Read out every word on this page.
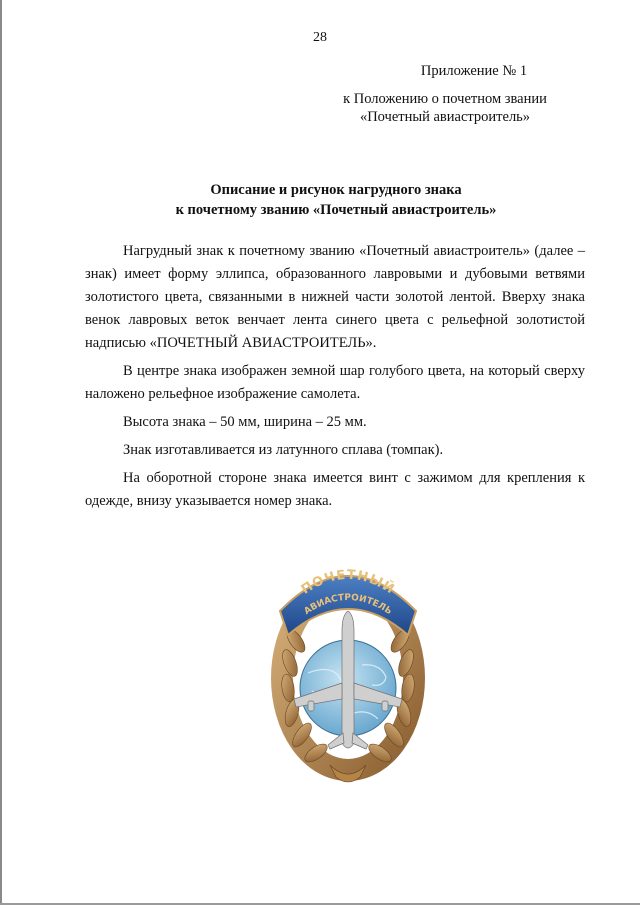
28
Приложение № 1
к Положению о почетном звании
«Почетный авиастроитель»
Описание и рисунок нагрудного знака
к почетному званию «Почетный авиастроитель»

Нагрудный знак к почетному званию «Почетный авиастроитель» (далее – знак) имеет форму эллипса, образованного лавровыми и дубовыми ветвями золотистого цвета, связанными в нижней части золотой лентой. Вверху знака венок лавровых веток венчает лента синего цвета с рельефной золотистой надписью «ПОЧЕТНЫЙ АВИАСТРОИТЕЛЬ».

В центре знака изображен земной шар голубого цвета, на который сверху наложено рельефное изображение самолета.

Высота знака – 50 мм, ширина – 25 мм.

Знак изготавливается из латунного сплава (томпак).

На оборотной стороне знака имеется винт с зажимом для крепления к одежде, внизу указывается номер знака.

ПОЧЕТНЫЙ
АВИАСТРОИТЕЛЬ
